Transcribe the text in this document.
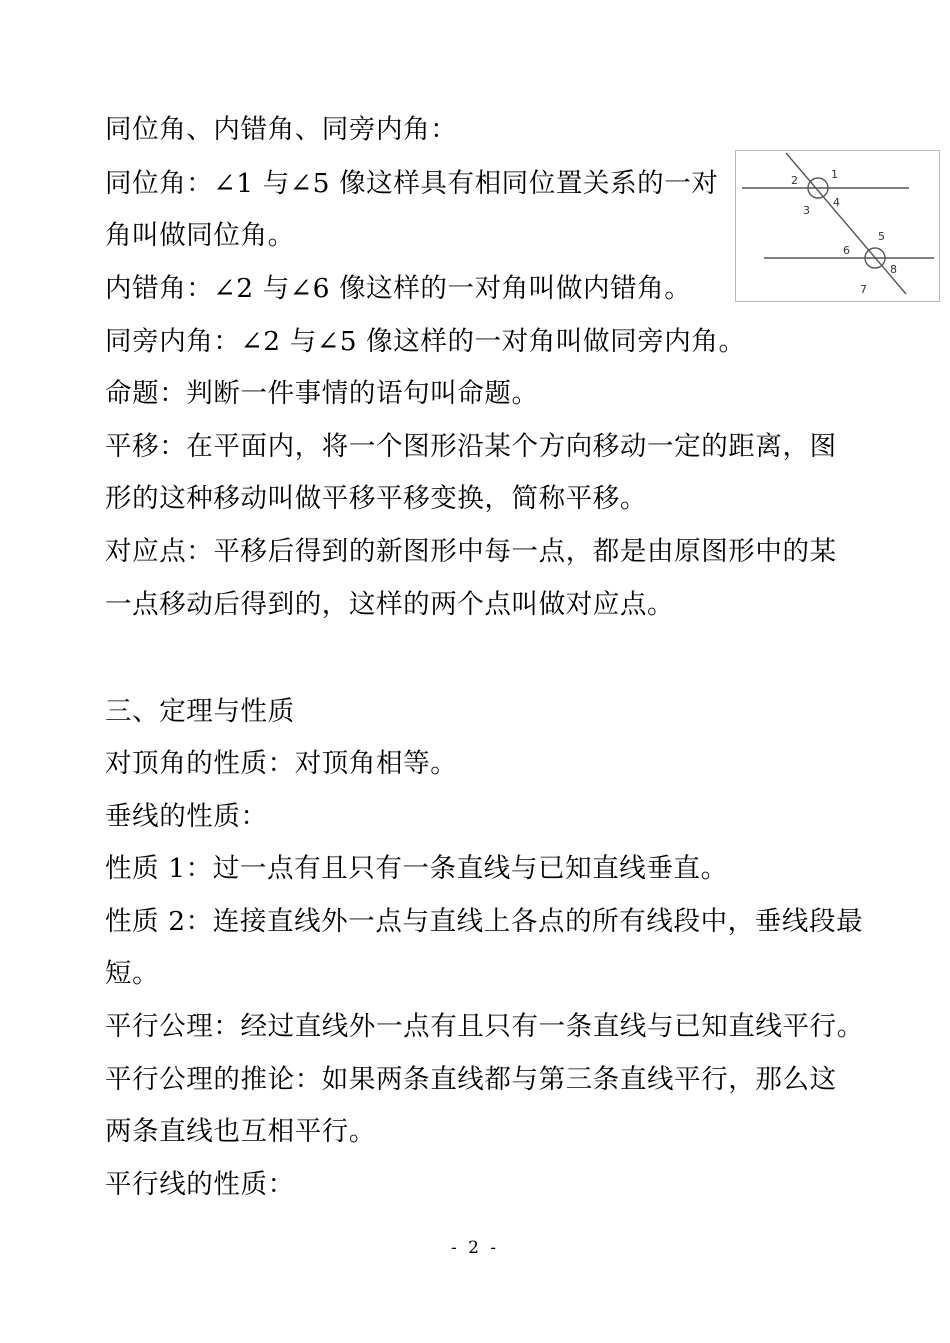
同位角、内错角、同旁内角：
同位角：∠1 与∠5 像这样具有相同位置关系的一对
角叫做同位角。
内错角：∠2 与∠6 像这样的一对角叫做内错角。
同旁内角：∠2 与∠5 像这样的一对角叫做同旁内角。
命题：判断一件事情的语句叫命题。
平移：在平面内，将一个图形沿某个方向移动一定的距离，图
形的这种移动叫做平移平移变换，简称平移。
对应点：平移后得到的新图形中每一点，都是由原图形中的某
一点移动后得到的，这样的两个点叫做对应点。
三、定理与性质
对顶角的性质：对顶角相等。
垂线的性质：
性质 1：过一点有且只有一条直线与已知直线垂直。
性质 2：连接直线外一点与直线上各点的所有线段中，垂线段最
短。
平行公理：经过直线外一点有且只有一条直线与已知直线平行。
平行公理的推论：如果两条直线都与第三条直线平行，那么这
两条直线也互相平行。
平行线的性质：
1
2
3
4
5
6
7
8
- 2 -
